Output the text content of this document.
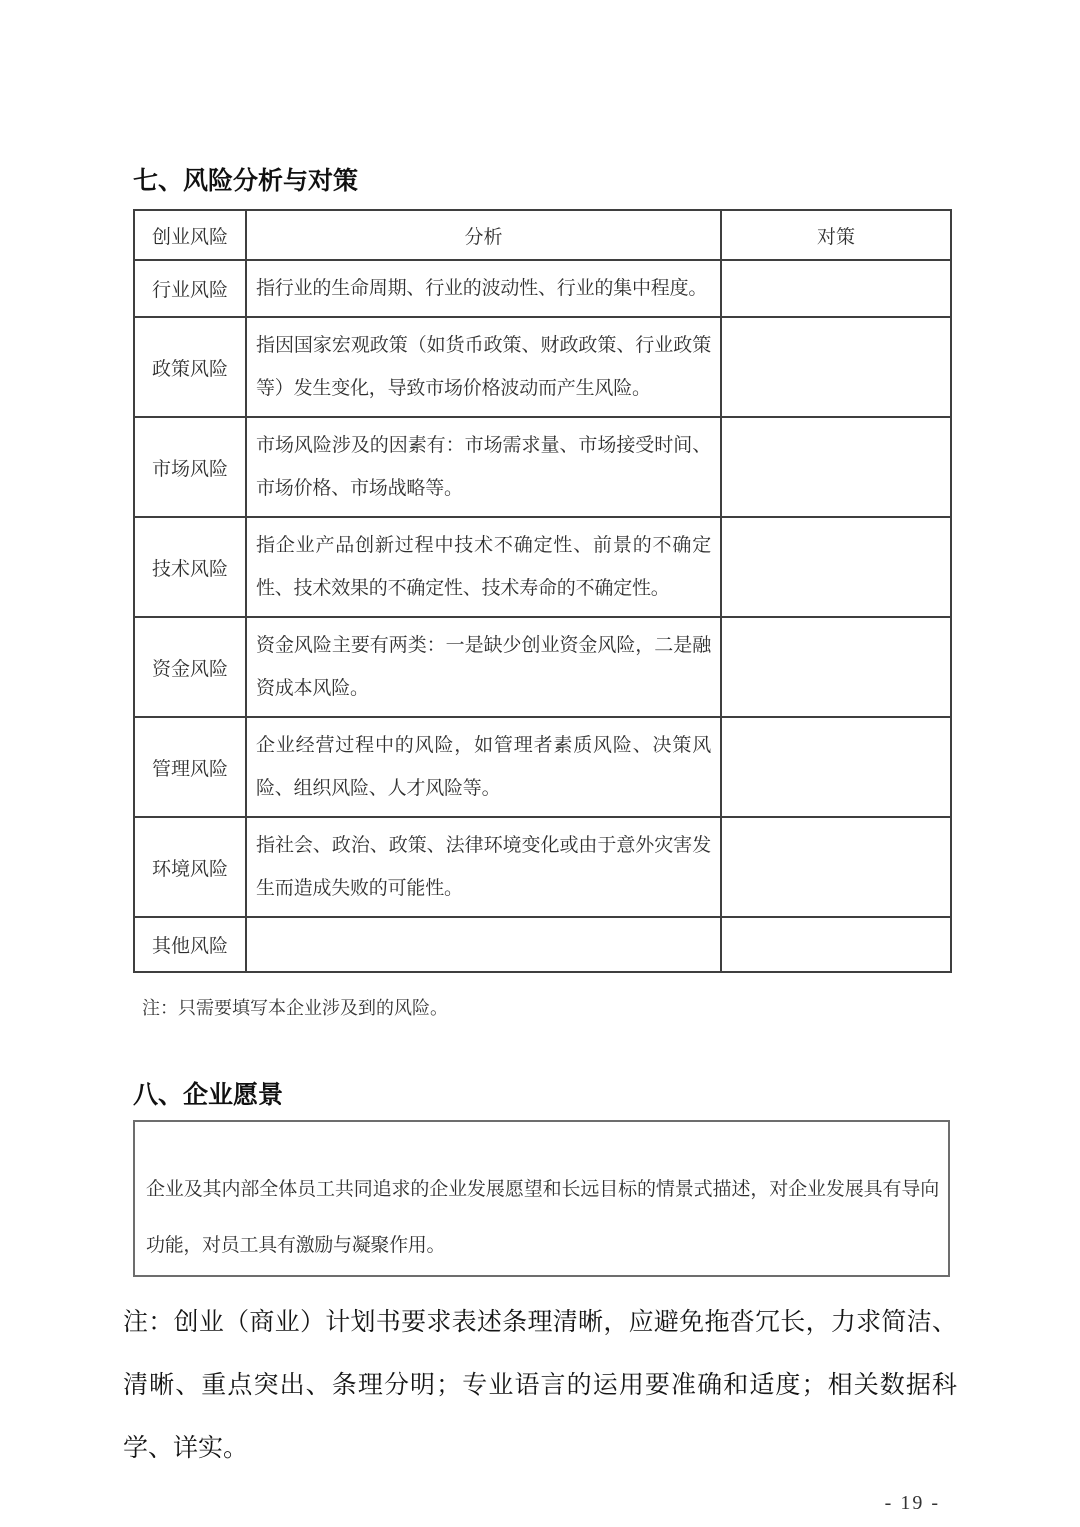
七、风险分析与对策
创业风险	分析	对策
行业风险	指行业的生命周期、行业的波动性、行业的集中程度。	
政策风险	指因国家宏观政策（如货币政策、财政政策、行业政策等）发生变化，导致市场价格波动而产生风险。	
市场风险	市场风险涉及的因素有：市场需求量、市场接受时间、市场价格、市场战略等。	
技术风险	指企业产品创新过程中技术不确定性、前景的不确定性、技术效果的不确定性、技术寿命的不确定性。	
资金风险	资金风险主要有两类：一是缺少创业资金风险，二是融资成本风险。	
管理风险	企业经营过程中的风险，如管理者素质风险、决策风险、组织风险、人才风险等。	
环境风险	指社会、政治、政策、法律环境变化或由于意外灾害发生而造成失败的可能性。	
其他风险		

注：只需要填写本企业涉及到的风险。

八、企业愿景
企业及其内部全体员工共同追求的企业发展愿望和长远目标的情景式描述，对企业发展具有导向功能，对员工具有激励与凝聚作用。

注：创业（商业）计划书要求表述条理清晰，应避免拖沓冗长，力求简洁、清晰、重点突出、条理分明；专业语言的运用要准确和适度；相关数据科学、详实。

- 19 -
